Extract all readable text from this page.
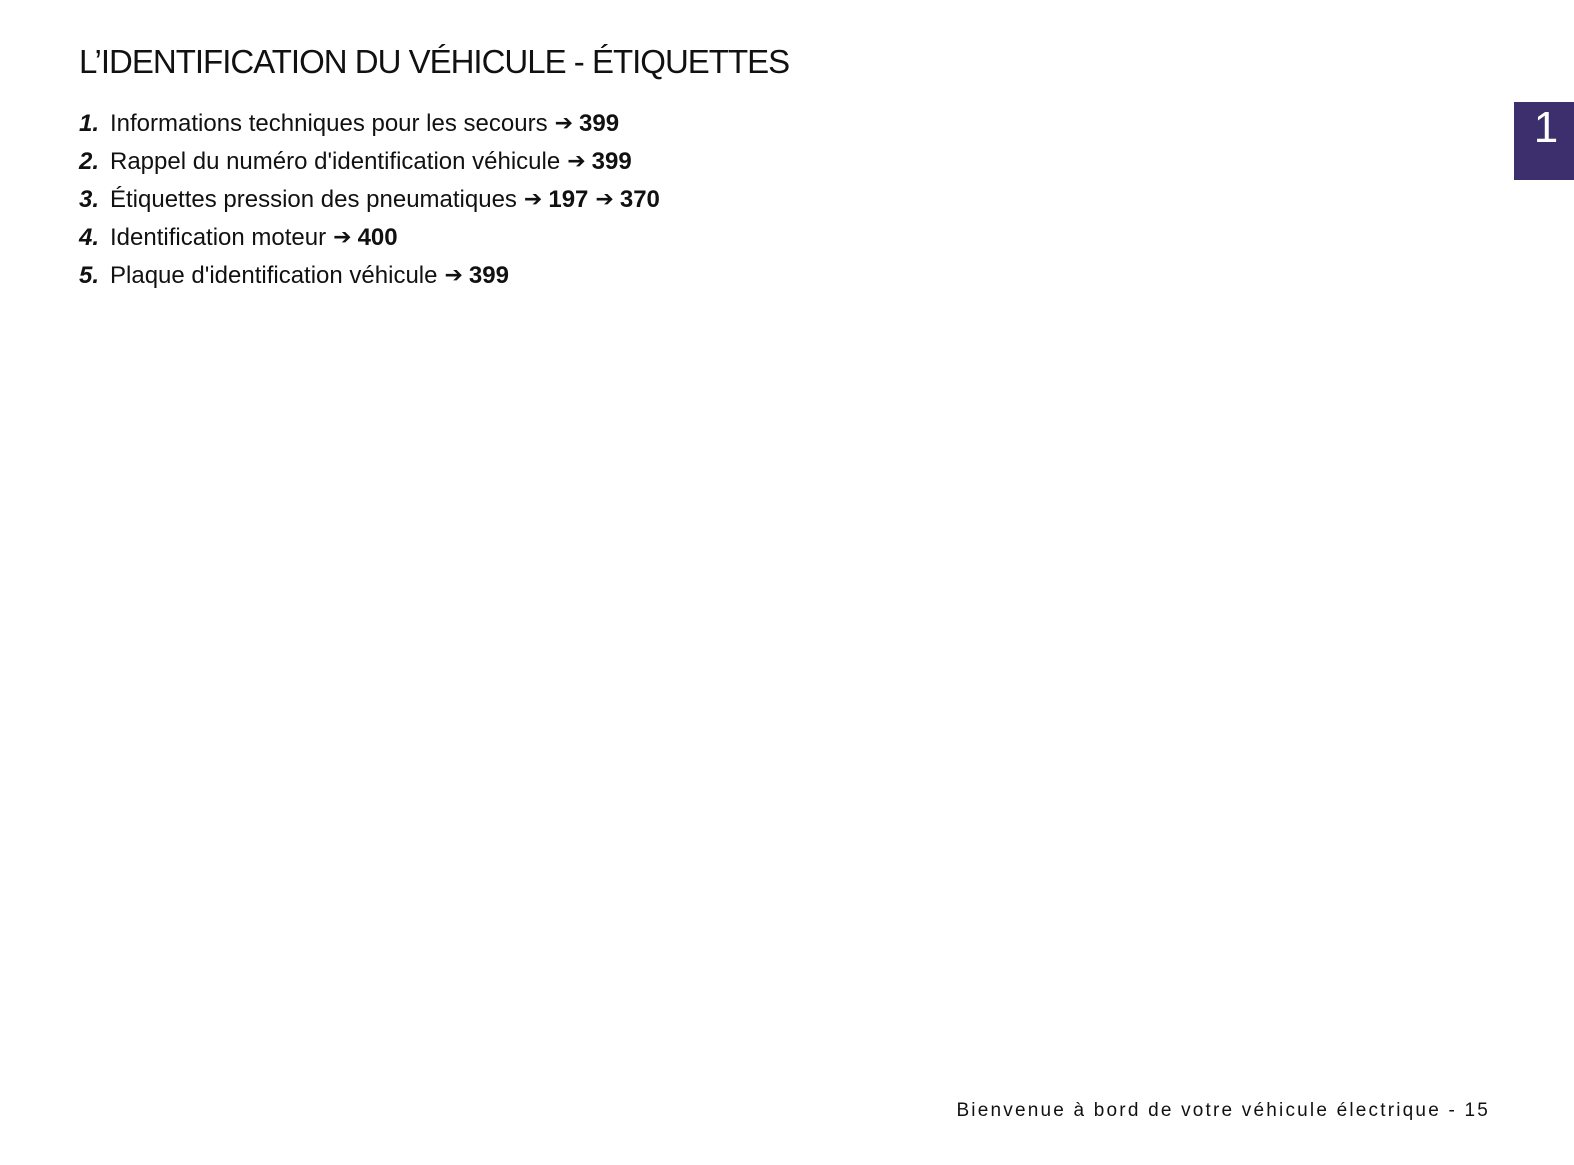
L’IDENTIFICATION DU VÉHICULE - ÉTIQUETTES
1. Informations techniques pour les secours ➔ 399
2. Rappel du numéro d'identification véhicule ➔ 399
3. Étiquettes pression des pneumatiques ➔ 197 ➔ 370
4. Identification moteur ➔ 400
5. Plaque d'identification véhicule ➔ 399
1
Bienvenue à bord de votre véhicule électrique - 15
